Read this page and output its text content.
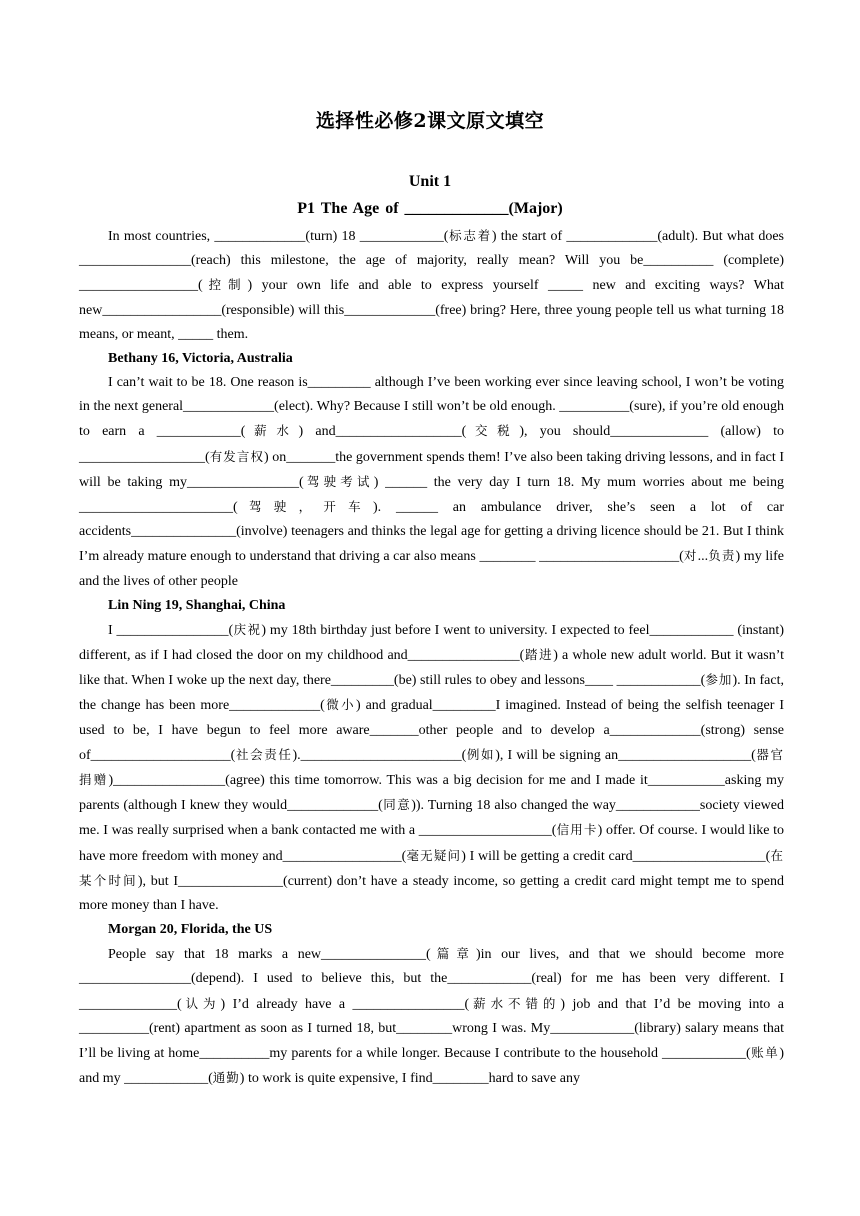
选择性必修2课文原文填空
Unit 1
P1 The Age of _____________(Major)

In most countries, _____________(turn) 18 ____________(标志着) the start of _____________(adult). But what does ________________(reach) this milestone, the age of majority, really mean? Will you be__________ (complete) _________________(控制) your own life and able to express yourself _____ new and exciting ways? What new_________________(responsible) will this_____________(free) bring? Here, three young people tell us what turning 18 means, or meant, _____ them.

Bethany 16, Victoria, Australia

I can’t wait to be 18. One reason is_________ although I’ve been working ever since leaving school, I won’t be voting in the next general_____________(elect). Why? Because I still won’t be old enough. __________(sure), if you’re old enough to earn a ____________(薪水) and__________________(交税), you should______________ (allow) to __________________(有发言权) on_______the government spends them! I’ve also been taking driving lessons, and in fact I will be taking my________________(驾驶考试) ______ the very day I turn 18. My mum worries about me being ______________________(驾驶，开车). ______ an ambulance driver, she’s seen a lot of car accidents_______________(involve) teenagers and thinks the legal age for getting a driving licence should be 21. But I think I’m already mature enough to understand that driving a car also means ________ ____________________(对...负责) my life and the lives of other people

Lin Ning 19, Shanghai, China

I ________________(庆祝) my 18th birthday just before I went to university. I expected to feel____________ (instant) different, as if I had closed the door on my childhood and________________(踏进) a whole new adult world. But it wasn’t like that. When I woke up the next day, there_________(be) still rules to obey and lessons____ ____________(参加). In fact, the change has been more_____________(微小) and gradual_________I imagined. Instead of being the selfish teenager I used to be, I have begun to feel more aware_______other people and to develop a_____________(strong) sense of____________________(社会责任)._______________________(例如), I will be signing an___________________(器官捐赠)________________(agree) this time tomorrow. This was a big decision for me and I made it___________asking my parents (although I knew they would_____________(同意)). Turning 18 also changed the way____________society viewed me. I was really surprised when a bank contacted me with a ___________________(信用卡) offer. Of course. I would like to have more freedom with money and_________________(毫无疑问) I will be getting a credit card___________________(在某个时间), but I_______________(current) don’t have a steady income, so getting a credit card might tempt me to spend more money than I have.

Morgan 20, Florida, the US

People say that 18 marks a new_______________(篇章)in our lives, and that we should become more ________________(depend). I used to believe this, but the____________(real) for me has been very different. I ______________(认为) I’d already have a ________________(薪水不错的) job and that I’d be moving into a __________(rent) apartment as soon as I turned 18, but________wrong I was. My____________(library) salary means that I’ll be living at home__________my parents for a while longer. Because I contribute to the household ____________(账单) and my ____________(通勤) to work is quite expensive, I find________hard to save any
